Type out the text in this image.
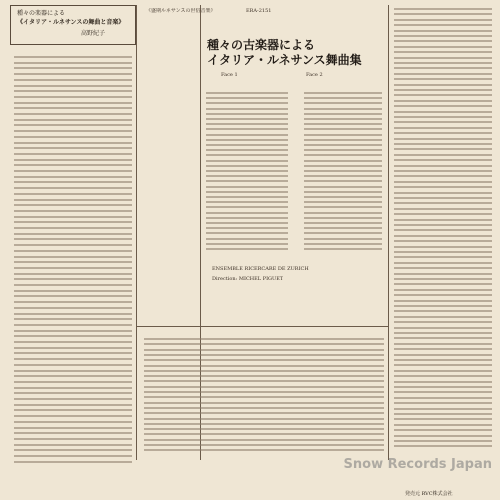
種々の楽器による
《イタリア・ルネサンスの舞曲と音楽》
高野紀子
《盛期ルネサンスの世俗音楽》	ERA-2151
種々の古楽器による
イタリア・ルネサンス舞曲集
Face 1	Face 2
ENSEMBLE RICERCARE DE ZURICH
Direction: MICHEL PIGUET
発売元 RVC株式会社
Snow Records Japan
